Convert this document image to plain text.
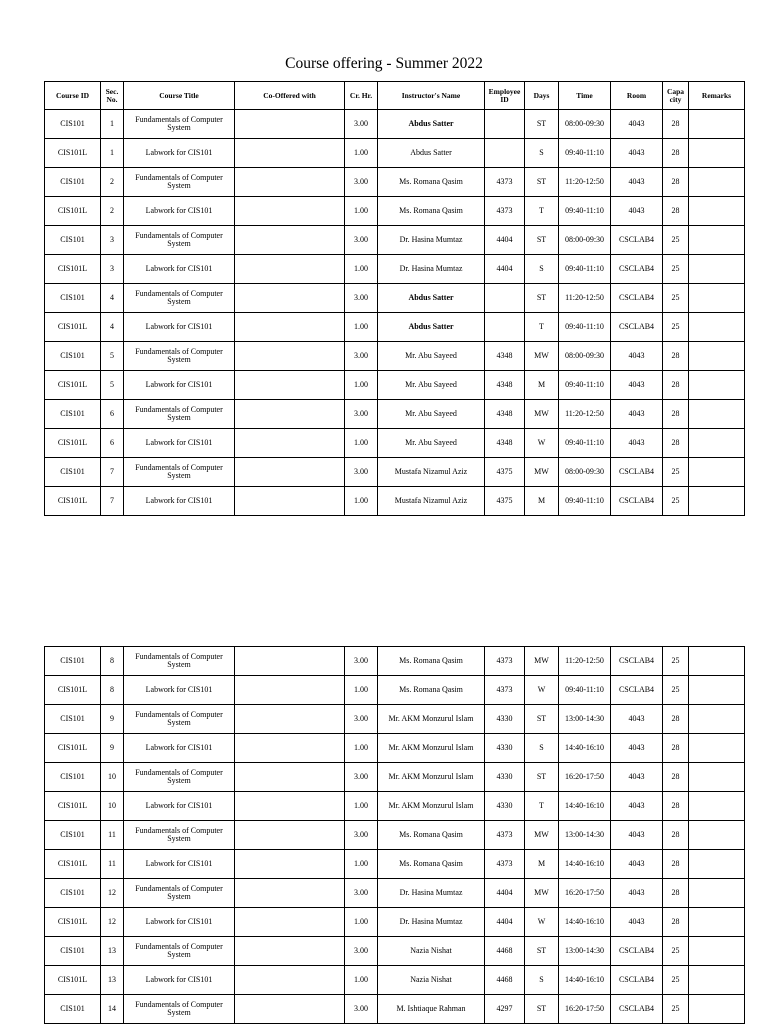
Course offering - Summer 2022
Course ID	Sec. No.	Course Title	Co-Offered with	Cr. Hr.	Instructor's Name	Employee ID	Days	Time	Room	Capa city	Remarks
CIS101	1	Fundamentals of Computer System		3.00	Abdus Satter		ST	08:00-09:30	4043	28	
CIS101L	1	Labwork for CIS101		1.00	Abdus Satter		S	09:40-11:10	4043	28	
CIS101	2	Fundamentals of Computer System		3.00	Ms. Romana Qasim	4373	ST	11:20-12:50	4043	28	
CIS101L	2	Labwork for CIS101		1.00	Ms. Romana Qasim	4373	T	09:40-11:10	4043	28	
CIS101	3	Fundamentals of Computer System		3.00	Dr. Hasina Mumtaz	4404	ST	08:00-09:30	CSCLAB4	25	
CIS101L	3	Labwork for CIS101		1.00	Dr. Hasina Mumtaz	4404	S	09:40-11:10	CSCLAB4	25	
CIS101	4	Fundamentals of Computer System		3.00	Abdus Satter		ST	11:20-12:50	CSCLAB4	25	
CIS101L	4	Labwork for CIS101		1.00	Abdus Satter		T	09:40-11:10	CSCLAB4	25	
CIS101	5	Fundamentals of Computer System		3.00	Mr. Abu Sayeed	4348	MW	08:00-09:30	4043	28	
CIS101L	5	Labwork for CIS101		1.00	Mr. Abu Sayeed	4348	M	09:40-11:10	4043	28	
CIS101	6	Fundamentals of Computer System		3.00	Mr. Abu Sayeed	4348	MW	11:20-12:50	4043	28	
CIS101L	6	Labwork for CIS101		1.00	Mr. Abu Sayeed	4348	W	09:40-11:10	4043	28	
CIS101	7	Fundamentals of Computer System		3.00	Mustafa Nizamul Aziz	4375	MW	08:00-09:30	CSCLAB4	25	
CIS101L	7	Labwork for CIS101		1.00	Mustafa Nizamul Aziz	4375	M	09:40-11:10	CSCLAB4	25	
CIS101	8	Fundamentals of Computer System		3.00	Ms. Romana Qasim	4373	MW	11:20-12:50	CSCLAB4	25	
CIS101L	8	Labwork for CIS101		1.00	Ms. Romana Qasim	4373	W	09:40-11:10	CSCLAB4	25	
CIS101	9	Fundamentals of Computer System		3.00	Mr. AKM Monzurul Islam	4330	ST	13:00-14:30	4043	28	
CIS101L	9	Labwork for CIS101		1.00	Mr. AKM Monzurul Islam	4330	S	14:40-16:10	4043	28	
CIS101	10	Fundamentals of Computer System		3.00	Mr. AKM Monzurul Islam	4330	ST	16:20-17:50	4043	28	
CIS101L	10	Labwork for CIS101		1.00	Mr. AKM Monzurul Islam	4330	T	14:40-16:10	4043	28	
CIS101	11	Fundamentals of Computer System		3.00	Ms. Romana Qasim	4373	MW	13:00-14:30	4043	28	
CIS101L	11	Labwork for CIS101		1.00	Ms. Romana Qasim	4373	M	14:40-16:10	4043	28	
CIS101	12	Fundamentals of Computer System		3.00	Dr. Hasina Mumtaz	4404	MW	16:20-17:50	4043	28	
CIS101L	12	Labwork for CIS101		1.00	Dr. Hasina Mumtaz	4404	W	14:40-16:10	4043	28	
CIS101	13	Fundamentals of Computer System		3.00	Nazia Nishat	4468	ST	13:00-14:30	CSCLAB4	25	
CIS101L	13	Labwork for CIS101		1.00	Nazia Nishat	4468	S	14:40-16:10	CSCLAB4	25	
CIS101	14	Fundamentals of Computer System		3.00	M. Ishtiaque Rahman	4297	ST	16:20-17:50	CSCLAB4	25	
